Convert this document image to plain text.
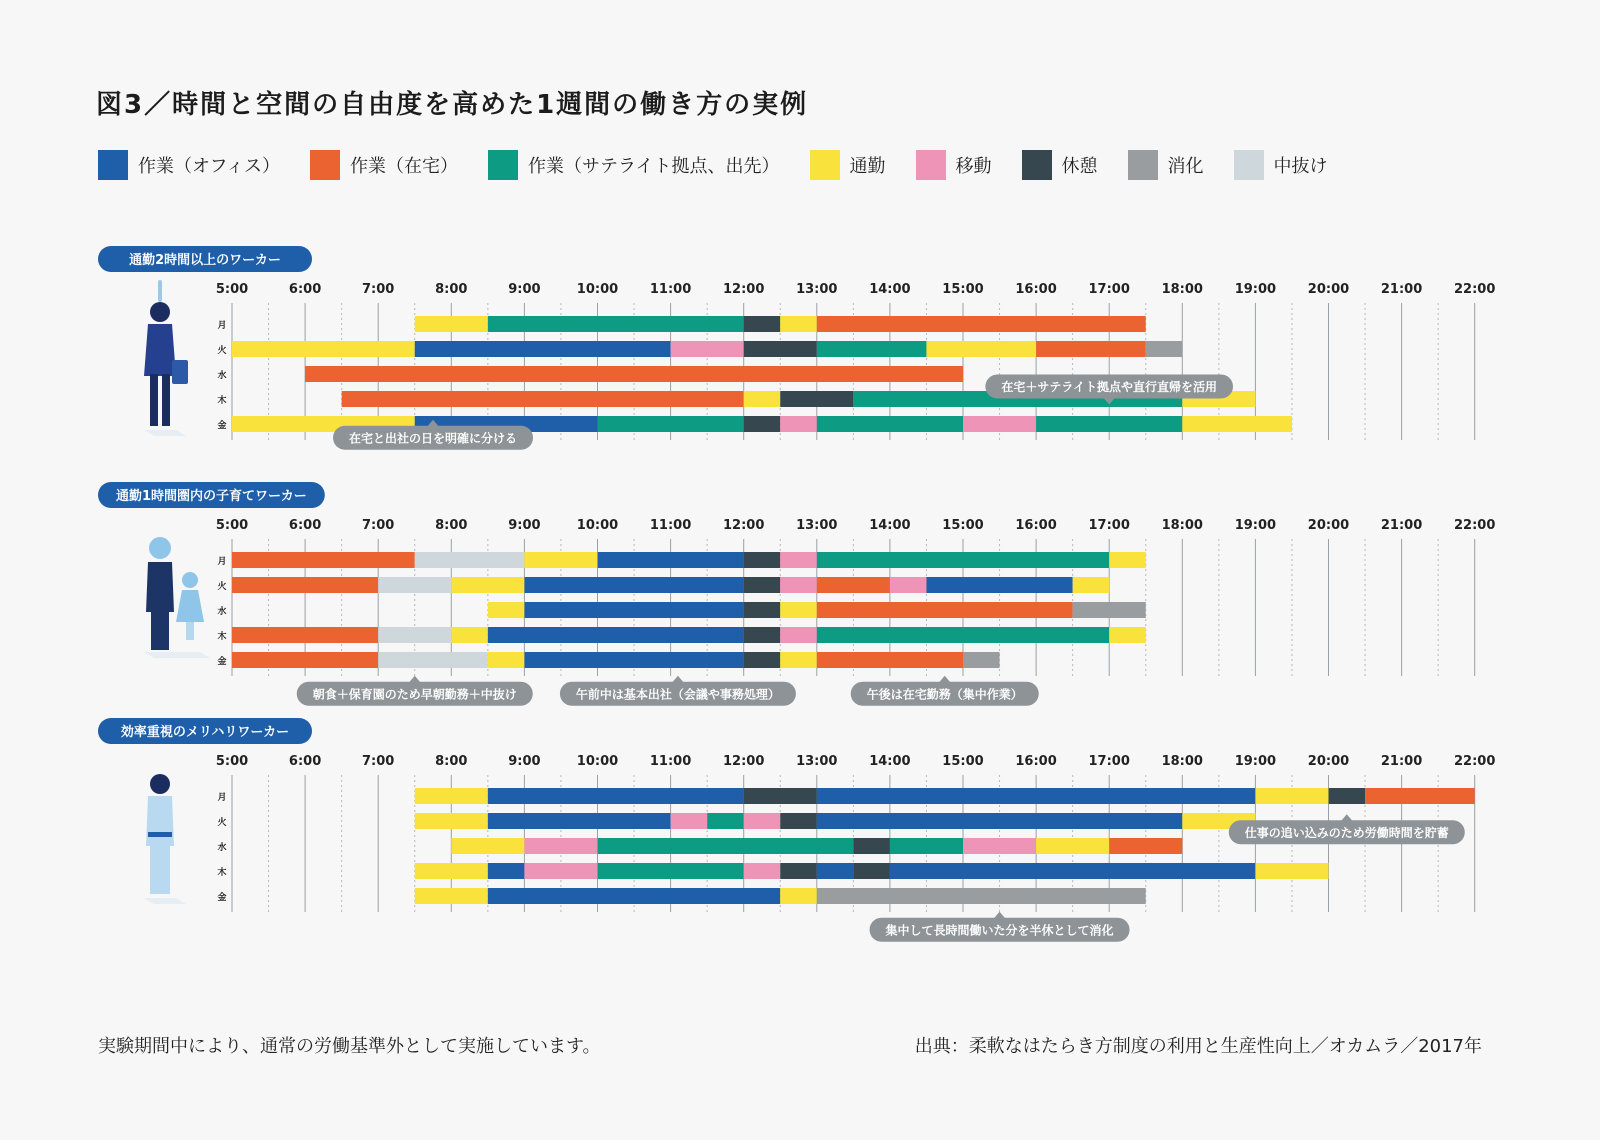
図3／時間と空間の自由度を高めた1週間の働き方の実例
作業（オフィス）	作業（在宅）	作業（サテライト拠点、出先）	通勤	移動	休憩	消化	中抜け
通勤2時間以上のワーカー
5:00	6:00	7:00	8:00	9:00	10:00 11:00 12:00 13:00 14:00 15:00 16:00 17:00 18:00 19:00 20:00 21:00 22:00
月
火
水
木
金
在宅＋サテライト拠点や直行直帰を活用
在宅と出社の日を明確に分ける
通勤1時間圏内の子育てワーカー
5:00	6:00	7:00	8:00	9:00	10:00 11:00 12:00 13:00 14:00 15:00 16:00 17:00 18:00 19:00 20:00 21:00 22:00
月
火
水
木
金
朝食＋保育園のため早朝勤務＋中抜け	午前中は基本出社（会議や事務処理）	午後は在宅勤務（集中作業）
効率重視のメリハリワーカー
5:00	6:00	7:00	8:00	9:00	10:00 11:00 12:00 13:00 14:00 15:00 16:00 17:00 18:00 19:00 20:00 21:00 22:00
月
火
水
木
金
仕事の追い込みのため労働時間を貯蓄
集中して長時間働いた分を半休として消化
実験期間中により、通常の労働基準外として実施しています。	出典：柔軟なはたらき方制度の利用と生産性向上／オカムラ／2017年
